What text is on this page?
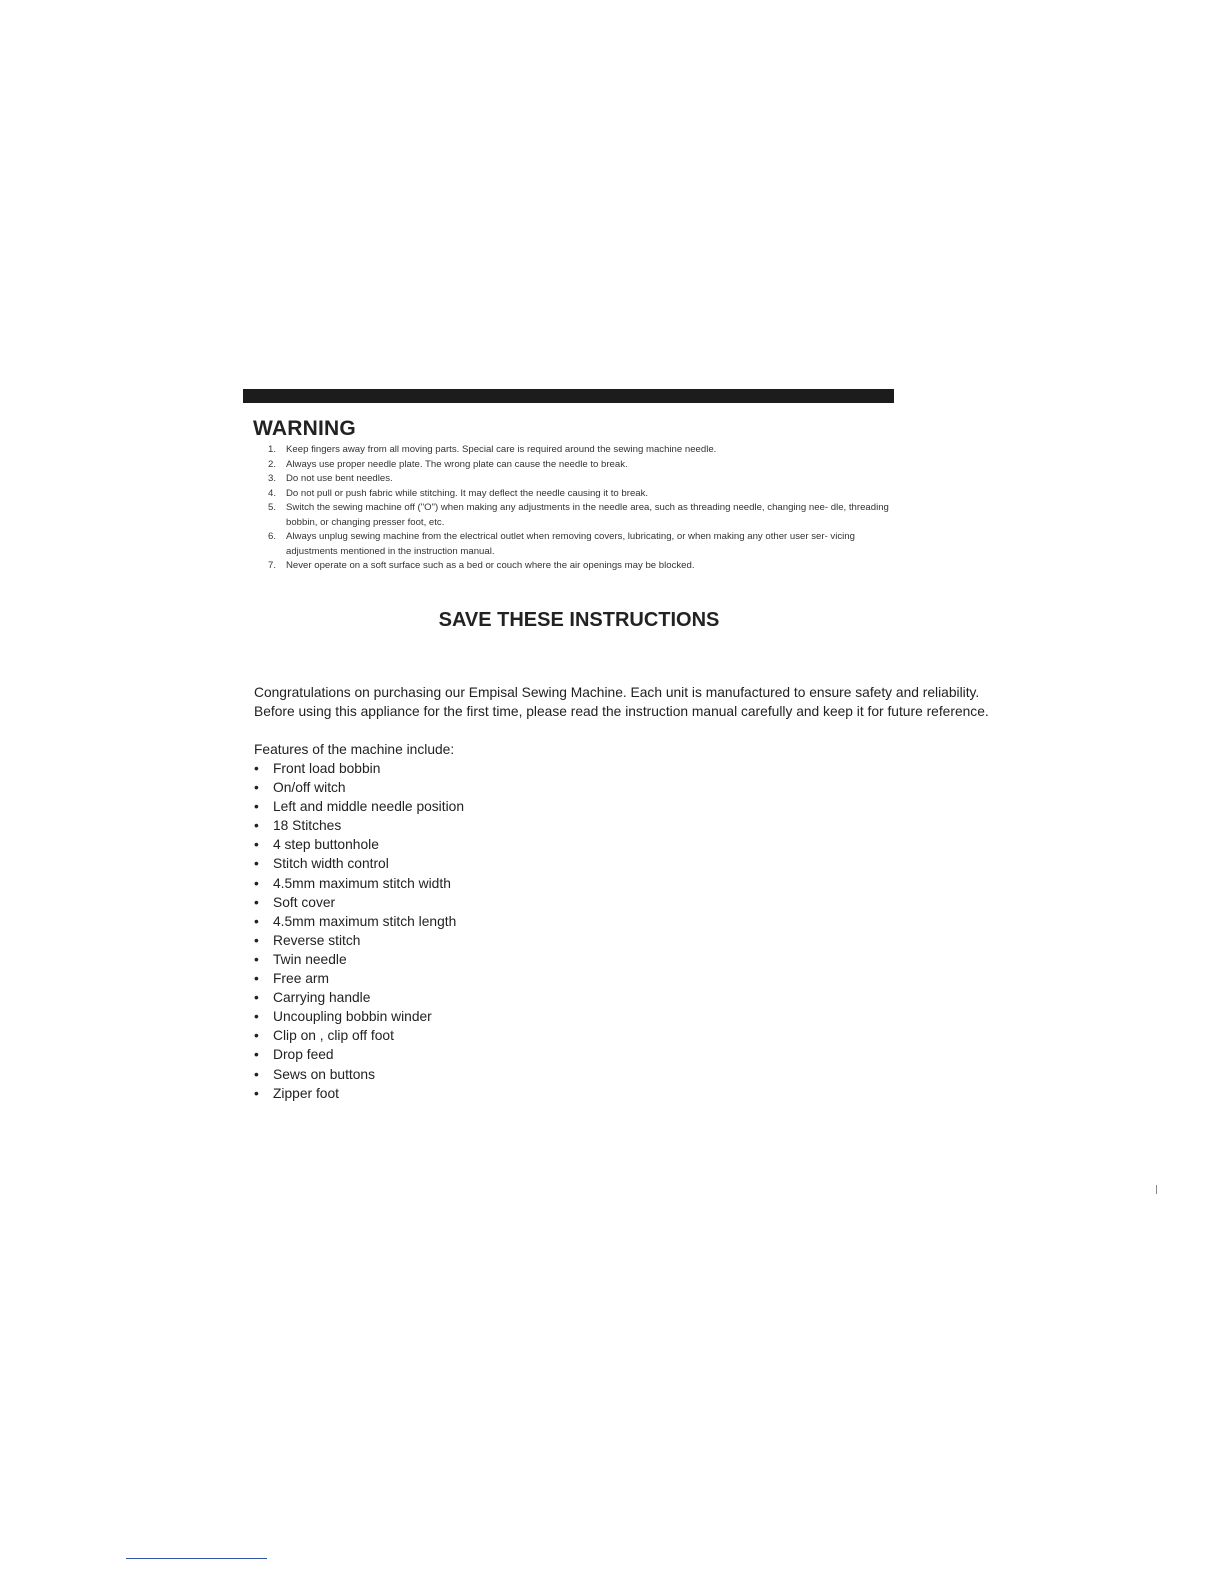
WARNING
1.	Keep fingers away from all moving parts. Special care is required around the sewing machine needle.
2.	Always use proper needle plate. The wrong plate can cause the needle to break.
3.	Do not use bent needles.
4.	Do not pull or push fabric while stitching. It may deflect the needle causing it to break.
5.	Switch the sewing machine off ("O") when making any adjustments in the needle area, such as threading needle, changing nee- dle, threading bobbin, or changing presser foot, etc.
6.	Always unplug sewing machine from the electrical outlet when removing covers, lubricating, or when making any other user ser- vicing adjustments mentioned in the instruction manual.
7.	Never operate on a soft surface such as a bed or couch where the air openings may be blocked.
SAVE THESE INSTRUCTIONS

Congratulations on purchasing our Empisal Sewing Machine. Each unit is manufactured to ensure safety and reliability.
Before using this appliance for the first time, please read the instruction manual carefully and keep it for future reference.

Features of the machine include:
•	Front load bobbin
•	On/off witch
•	Left and middle needle position
•	18 Stitches
•	4 step buttonhole
•	Stitch width control
•	4.5mm maximum stitch width
•	Soft cover
•	4.5mm maximum stitch length
•	Reverse stitch
•	Twin needle
•	Free arm
•	Carrying handle
•	Uncoupling bobbin winder
•	Clip on , clip off foot
•	Drop feed
•	Sews on buttons
•	Zipper foot
